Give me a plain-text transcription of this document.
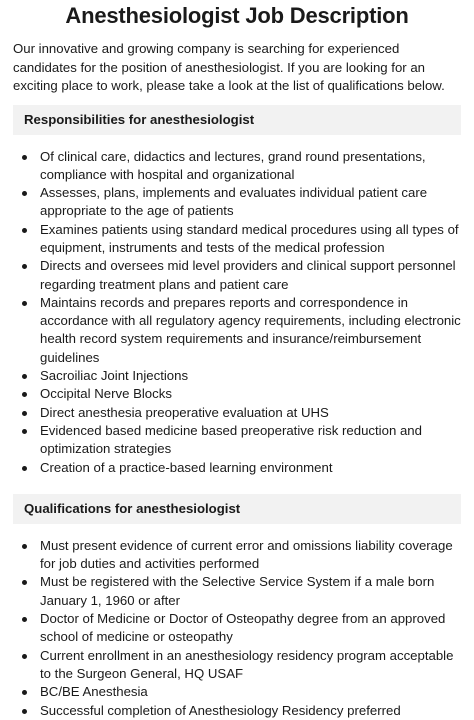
Anesthesiologist Job Description

Our innovative and growing company is searching for experienced candidates for the position of anesthesiologist. If you are looking for an exciting place to work, please take a look at the list of qualifications below.

Responsibilities for anesthesiologist
Of clinical care, didactics and lectures, grand round presentations, compliance with hospital and organizational
Assesses, plans, implements and evaluates individual patient care appropriate to the age of patients
Examines patients using standard medical procedures using all types of equipment, instruments and tests of the medical profession
Directs and oversees mid level providers and clinical support personnel regarding treatment plans and patient care
Maintains records and prepares reports and correspondence in accordance with all regulatory agency requirements, including electronic health record system requirements and insurance/reimbursement guidelines
Sacroiliac Joint Injections
Occipital Nerve Blocks
Direct anesthesia preoperative evaluation at UHS
Evidenced based medicine based preoperative risk reduction and optimization strategies
Creation of a practice-based learning environment
Qualifications for anesthesiologist
Must present evidence of current error and omissions liability coverage for job duties and activities performed
Must be registered with the Selective Service System if a male born January 1, 1960 or after
Doctor of Medicine or Doctor of Osteopathy degree from an approved school of medicine or osteopathy
Current enrollment in an anesthesiology residency program acceptable to the Surgeon General, HQ USAF
BC/BE Anesthesia
Successful completion of Anesthesiology Residency preferred
